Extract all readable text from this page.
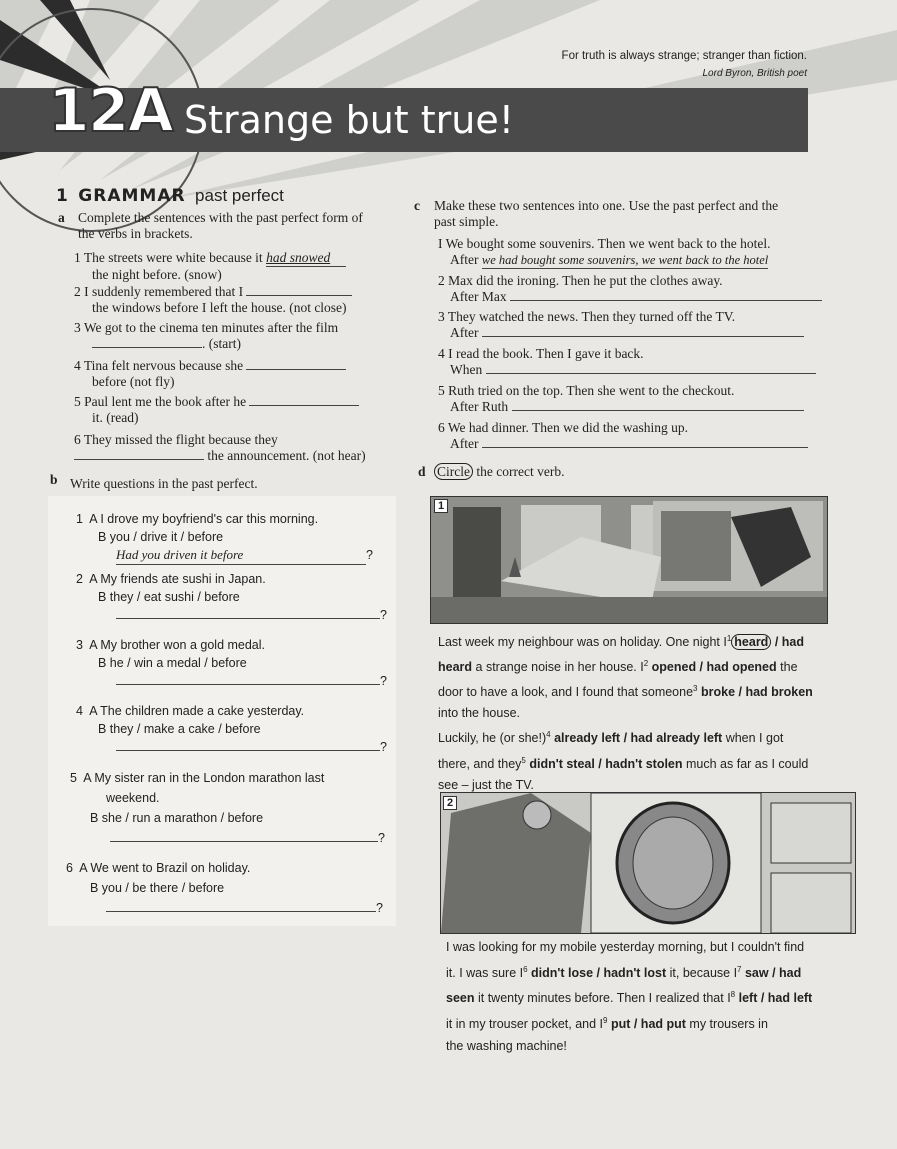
For truth is always strange; stranger than fiction.
Lord Byron, British poet
12A Strange but true!
1 GRAMMAR past perfect
a Complete the sentences with the past perfect form of the verbs in brackets.
1 The streets were white because it had snowed
the night before. (snow)
2 I suddenly remembered that I
the windows before I left the house. (not close)
3 We got to the cinema ten minutes after the film
. (start)
4 Tina felt nervous because she
before (not fly)
5 Paul lent me the book after he
it. (read)
6 They missed the flight because they
the announcement. (not hear)
b Write questions in the past perfect.
1 A I drove my boyfriend's car this morning.
B you / drive it / before
Had you driven it before	?
2 A My friends ate sushi in Japan.
B they / eat sushi / before
?
3 A My brother won a gold medal.
B he / win a medal / before
?
4 A The children made a cake yesterday.
B they / make a cake / before
?
5 A My sister ran in the London marathon last
weekend.
B she / run a marathon / before
?
6 A We went to Brazil on holiday.
B you / be there / before
?
c Make these two sentences into one. Use the past perfect and the past simple.
I We bought some souvenirs. Then we went back to the hotel.
After we had bought some souvenirs, we went back to the hotel
2 Max did the ironing. Then he put the clothes away.
After Max
3 They watched the news. Then they turned off the TV.
After
4 I read the book. Then I gave it back.
When
5 Ruth tried on the top. Then she went to the checkout.
After Ruth
6 We had dinner. Then we did the washing up.
After
d Circle the correct verb.
1
Last week my neighbour was on holiday. One night $I^1$ heard / had
heard a strange noise in her house. $I^2$ opened / had opened the
door to have a look, and I found that someone$^3$ broke / had broken
into the house.
Luckily, he (or she!)$^4$ already left / had already left when I got
there, and they$^5$ didn't steal / hadn't stolen much as far as I could
see – just the TV.
2
I was looking for my mobile yesterday morning, but I couldn't find
it. I was sure $I^6$ didn't lose / hadn't lost it, because $I^7$ saw / had
seen it twenty minutes before. Then I realized that $I^8$ left / had left
it in my trouser pocket, and $I^9$ put / had put my trousers in
the washing machine!
